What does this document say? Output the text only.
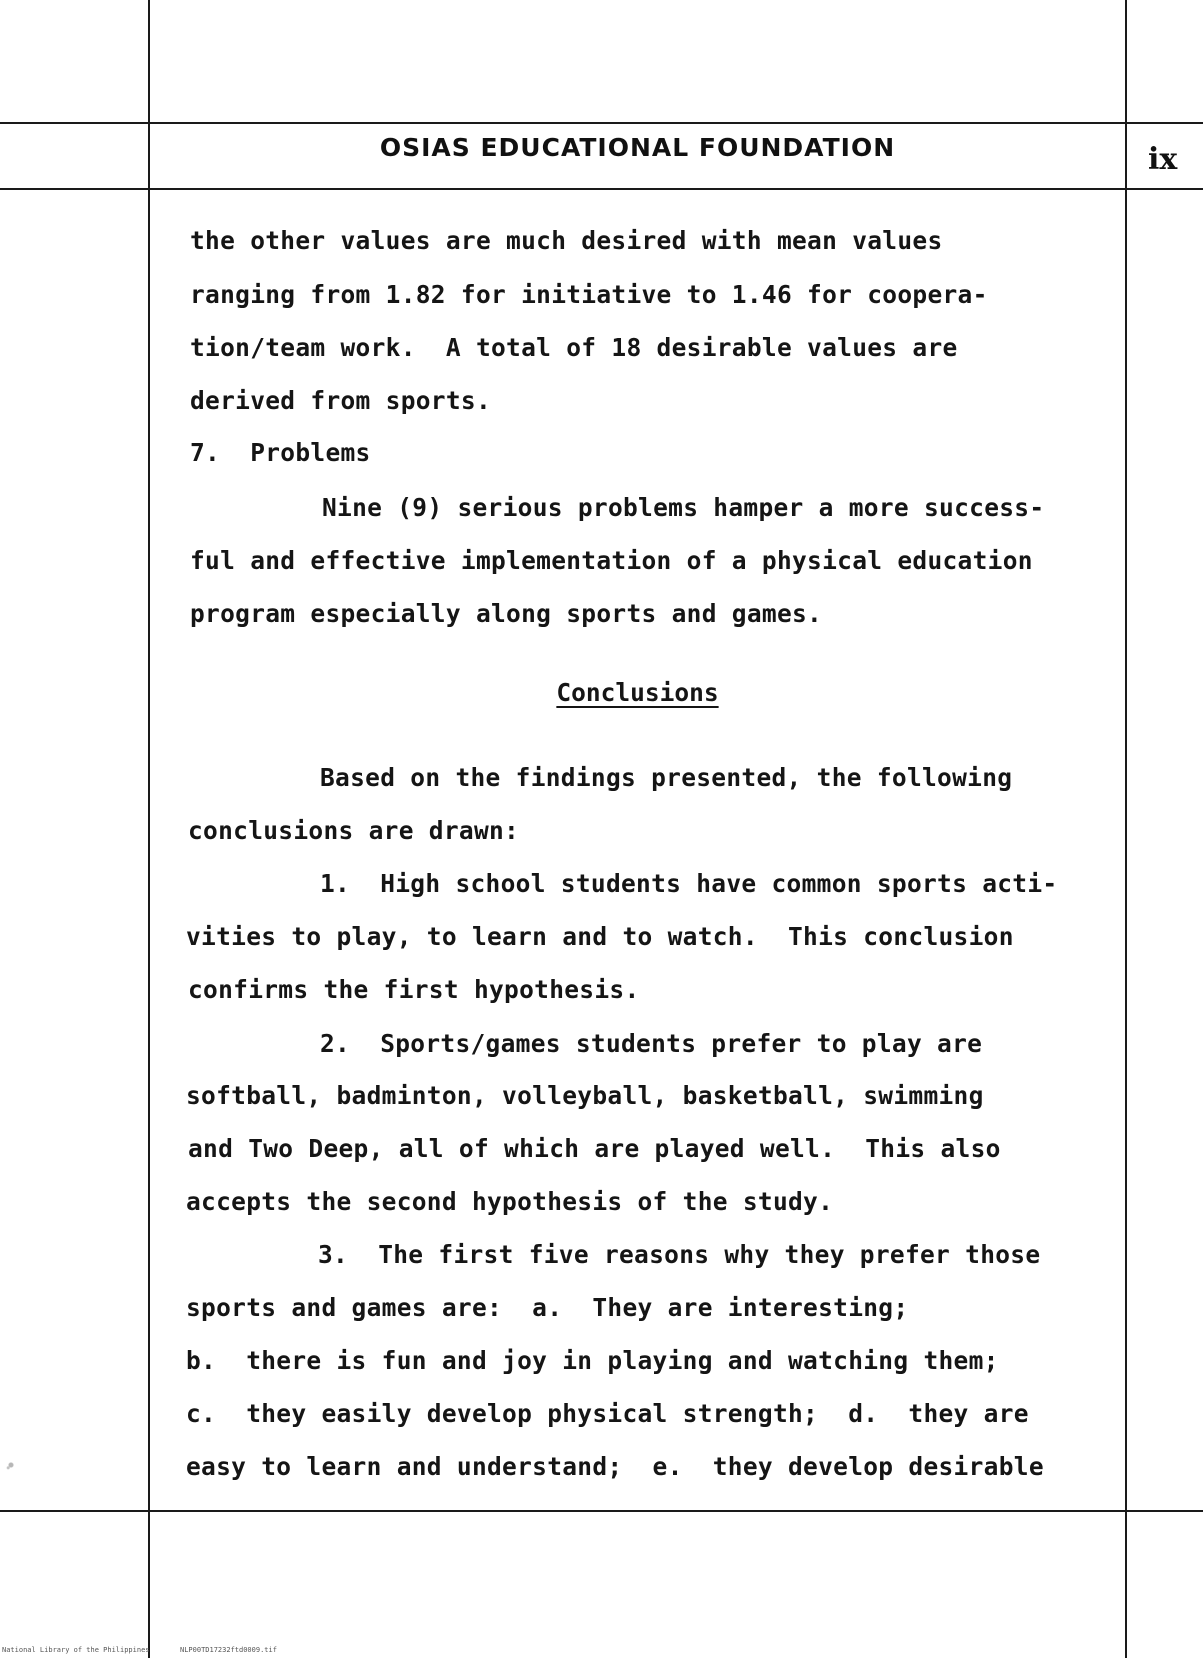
OSIAS EDUCATIONAL FOUNDATION	ix
the other values are much desired with mean values
ranging from 1.82 for initiative to 1.46 for coopera-
tion/team work.  A total of 18 desirable values are
derived from sports.
7.  Problems
Nine (9) serious problems hamper a more success-
ful and effective implementation of a physical education
program especially along sports and games.
Conclusions
Based on the findings presented, the following
conclusions are drawn:
1.  High school students have common sports acti-
vities to play, to learn and to watch.  This conclusion
confirms the first hypothesis.
2.  Sports/games students prefer to play are
softball, badminton, volleyball, basketball, swimming
and Two Deep, all of which are played well.  This also
accepts the second hypothesis of the study.
3.  The first five reasons why they prefer those
sports and games are:  a.  They are interesting;
b.  there is fun and joy in playing and watching them;
c.  they easily develop physical strength;  d.  they are
easy to learn and understand;  e.  they develop desirable
National Library of the Philippines	NLP00TD17232ftd0009.tif
